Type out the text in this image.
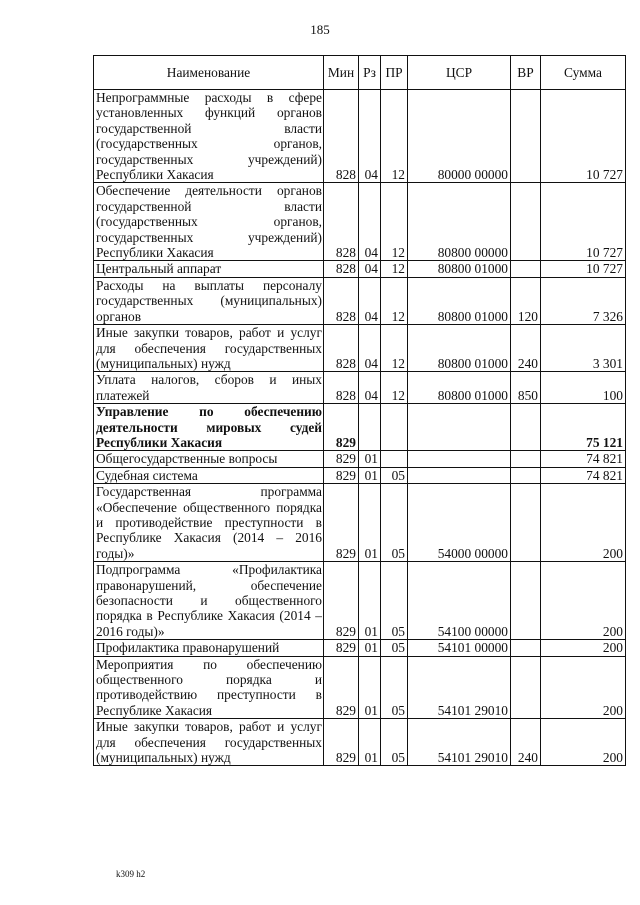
185
Наименование	Мин	Рз	ПР	ЦСР	ВР	Сумма
Непрограммные расходы в сфере установленных функций органов государственной власти (государственных органов, государственных учреждений) Республики Хакасия	828	04	12	80000 00000		10 727
Обеспечение деятельности органов государственной власти (государственных органов, государственных учреждений) Республики Хакасия	828	04	12	80800 00000		10 727
Центральный аппарат	828	04	12	80800 01000		10 727
Расходы на выплаты персоналу государственных (муниципальных) органов	828	04	12	80800 01000	120	7 326
Иные закупки товаров, работ и услуг для обеспечения государственных (муниципальных) нужд	828	04	12	80800 01000	240	3 301
Уплата налогов, сборов и иных платежей	828	04	12	80800 01000	850	100
Управление по обеспечению деятельности мировых судей Республики Хакасия	829					75 121
Общегосударственные вопросы	829	01				74 821
Судебная система	829	01	05			74 821
Государственная программа «Обеспечение общественного порядка и противодействие преступности в Республике Хакасия (2014 – 2016 годы)»	829	01	05	54000 00000		200
Подпрограмма «Профилактика правонарушений, обеспечение безопасности и общественного порядка в Республике Хакасия (2014 – 2016 годы)»	829	01	05	54100 00000		200
Профилактика правонарушений	829	01	05	54101 00000		200
Мероприятия по обеспечению общественного порядка и противодействию преступности в Республике Хакасия	829	01	05	54101 29010		200
Иные закупки товаров, работ и услуг для обеспечения государственных (муниципальных) нужд	829	01	05	54101 29010	240	200
k309 h2
